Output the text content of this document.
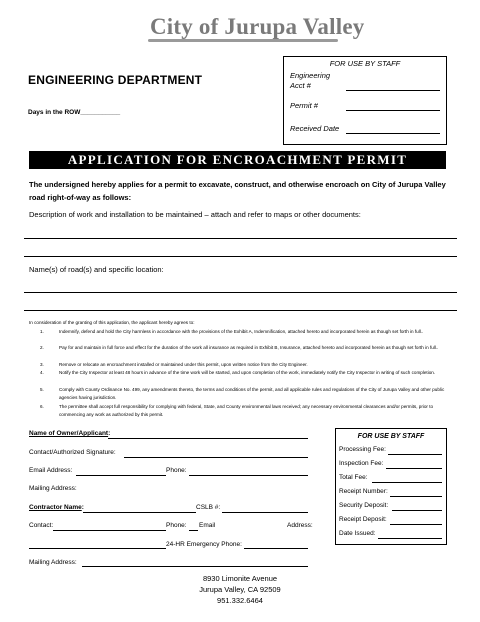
City of Jurupa Valley
ENGINEERING DEPARTMENT
Days in the ROW___________
FOR USE BY STAFF
Engineering
Acct #
Permit #
Received Date
APPLICATION FOR ENCROACHMENT PERMIT
The undersigned hereby applies for a permit to excavate, construct, and otherwise encroach on City of Jurupa Valley road right-of-way as follows:
Description of work and installation to be maintained – attach and refer to maps or other documents:
Name(s) of road(s) and specific location:
In consideration of the granting of this application, the applicant hereby agrees to:
1.	Indemnify, defend and hold the City harmless in accordance with the provisions of the Exhibit A, Indemnification, attached hereto and incorporated herein as though set forth in full..
2.	Pay for and maintain in full force and effect for the duration of the work all insurance as required in Exhibit B, Insurance, attached hereto and incorporated herein as though set forth in full..
3.	Remove or relocate an encroachment installed or maintained under this permit, upon written notice from the City Engineer.
4.	Notify the City Inspector at least 48 hours in advance of the time work will be started, and upon completion of the work, immediately notify the City Inspector in writing of such completion.
5.	Comply with County Ordinance No. 499, any amendments thereto, the terms and conditions of the permit, and all applicable rules and regulations of the City of Jurupa Valley and other public agencies having jurisdiction.
6.	The permittee shall accept full responsibility for complying with federal, State, and County environmental laws received; any necessary environmental clearances and/or permits, prior to commencing any work as authorized by this permit.
Name of Owner/Applicant:
Contact/Authorized Signature:
Email Address:	Phone:
Mailing Address:
Contractor Name:	CSLB #:
Contact:	Phone: Email	Address:
24-HR Emergency Phone:
Mailing Address:
FOR USE BY STAFF
Processing Fee:
Inspection Fee:
Total Fee:
Receipt Number:
Security Deposit:
Receipt Deposit:
Date Issued:
8930 Limonite Avenue
Jurupa Valley, CA 92509
951.332.6464
